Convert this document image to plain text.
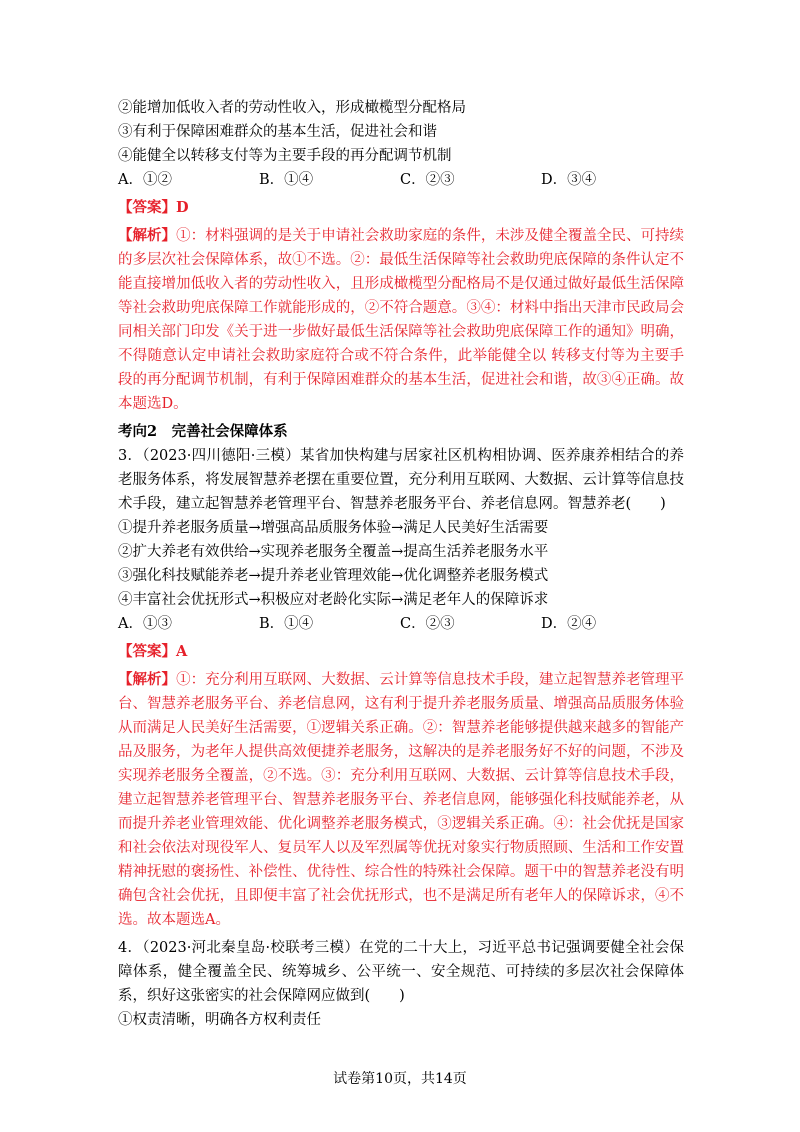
②能增加低收入者的劳动性收入，形成橄榄型分配格局
③有利于保障困难群众的基本生活，促进社会和谐
④能健全以转移支付等为主要手段的再分配调节机制
A．①②	B．①④	C．②③	D．③④
【答案】D
【解析】①：材料强调的是关于申请社会救助家庭的条件，未涉及健全覆盖全民、可持续的多层次社会保障体系，故①不选。②：最低生活保障等社会救助兜底保障的条件认定不能直接增加低收入者的劳动性收入，且形成橄榄型分配格局不是仅通过做好最低生活保障等社会救助兜底保障工作就能形成的，②不符合题意。③④：材料中指出天津市民政局会同相关部门印发《关于进一步做好最低生活保障等社会救助兜底保障工作的通知》明确，不得随意认定申请社会救助家庭符合或不符合条件，此举能健全以 转移支付等为主要手段的再分配调节机制，有利于保障困难群众的基本生活，促进社会和谐，故③④正确。故本题选D。
考向2　完善社会保障体系
3．（2023·四川德阳·三模）某省加快构建与居家社区机构相协调、医养康养相结合的养老服务体系，将发展智慧养老摆在重要位置，充分利用互联网、大数据、云计算等信息技术手段，建立起智慧养老管理平台、智慧养老服务平台、养老信息网。智慧养老(　　)
①提升养老服务质量→增强高品质服务体验→满足人民美好生活需要
②扩大养老有效供给→实现养老服务全覆盖→提高生活养老服务水平
③强化科技赋能养老→提升养老业管理效能→优化调整养老服务模式
④丰富社会优抚形式→积极应对老龄化实际→满足老年人的保障诉求
A．①③	B．①④	C．②③	D．②④
【答案】A
【解析】①：充分利用互联网、大数据、云计算等信息技术手段，建立起智慧养老管理平台、智慧养老服务平台、养老信息网，这有利于提升养老服务质量、增强高品质服务体验从而满足人民美好生活需要，①逻辑关系正确。②：智慧养老能够提供越来越多的智能产品及服务，为老年人提供高效便捷养老服务，这解决的是养老服务好不好的问题，不涉及实现养老服务全覆盖，②不选。③：充分利用互联网、大数据、云计算等信息技术手段，建立起智慧养老管理平台、智慧养老服务平台、养老信息网，能够强化科技赋能养老，从而提升养老业管理效能、优化调整养老服务模式，③逻辑关系正确。④：社会优抚是国家和社会依法对现役军人、复员军人以及军烈属等优抚对象实行物质照顾、生活和工作安置精神抚慰的褒扬性、补偿性、优待性、综合性的特殊社会保障。题干中的智慧养老没有明确包含社会优抚，且即便丰富了社会优抚形式，也不是满足所有老年人的保障诉求，④不选。故本题选A。
4．（2023·河北秦皇岛·校联考三模）在党的二十大上，习近平总书记强调要健全社会保障体系，健全覆盖全民、统筹城乡、公平统一、安全规范、可持续的多层次社会保障体系，织好这张密实的社会保障网应做到(　　)
①权责清晰，明确各方权利责任
试卷第10页，共14页
